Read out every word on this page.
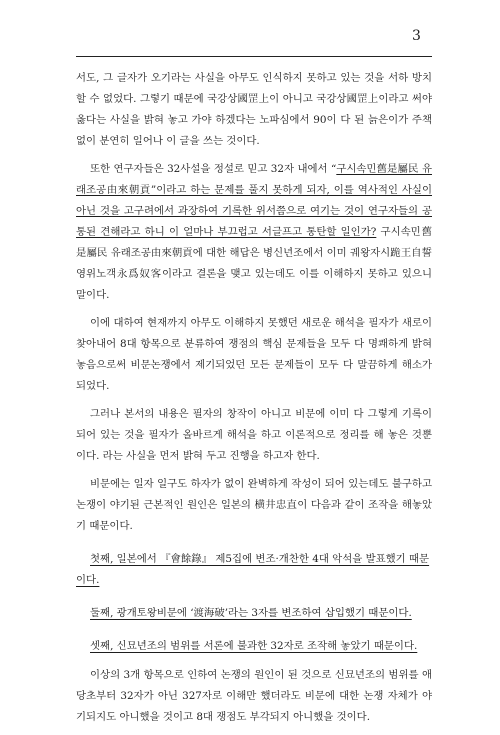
3

서도, 그 글자가 오기라는 사실을 아무도 인식하지 못하고 있는 것을 서하 방치할 수 없었다. 그렇기 때문에 국강상國罡上이 아니고 국강상國罡上이라고 써야 옳다는 사실을 밝혀 놓고 가야 하겠다는 노파심에서 90이 다 된 늙은이가 주책없이 분연히 일어나 이 글을 쓰는 것이다.

또한 연구자들은 32사설을 정설로 믿고 32자 내에서 “구시속민舊是屬民 유래조공由來朝貢”이라고 하는 문제를 풀지 못하게 되자, 이를 역사적인 사실이 아닌 것을 고구려에서 과장하여 기록한 위서쯤으로 여기는 것이 연구자들의 공통된 견해라고 하니 이 얼마나 부끄럽고 서글프고 통탄할 일인가? 구시속민舊是屬民 유래조공由來朝貢에 대한 해답은 병신년조에서 이미 궤왕자시跪王自誓 영위노객永爲奴客이라고 결론을 맺고 있는데도 이를 이해하지 못하고 있으니 말이다.

이에 대하여 현재까지 아무도 이해하지 못했던 새로운 해석을 필자가 새로이 찾아내어 8대 항목으로 분류하여 쟁점의 핵심 문제들을 모두 다 명쾌하게 밝혀 놓음으로써 비문논쟁에서 제기되었던 모든 문제들이 모두 다 말끔하게 해소가 되었다.

그러나 본서의 내용은 필자의 창작이 아니고 비문에 이미 다 그렇게 기록이 되어 있는 것을 필자가 올바르게 해석을 하고 이론적으로 정리를 해 놓은 것뿐이다. 라는 사실을 먼저 밝혀 두고 진행을 하고자 한다.

비문에는 일자 일구도 하자가 없이 완벽하게 작성이 되어 있는데도 불구하고 논쟁이 야기된 근본적인 원인은 일본의 横井忠直이 다음과 같이 조작을 해놓았기 때문이다.

첫째, 일본에서 『會餘錄』 제5집에 변조·개찬한 4대 악석을 발표했기 때문이다.

둘째, 광개토왕비문에 ‘渡海破’라는 3자를 변조하여 삽입했기 때문이다.

셋째, 신묘년조의 범위를 서론에 불과한 32자로 조작해 놓았기 때문이다.

이상의 3개 항목으로 인하여 논쟁의 원인이 된 것으로 신묘년조의 범위를 애당초부터 32자가 아닌 327자로 이해만 했더라도 비문에 대한 논쟁 자체가 야기되지도 아니했을 것이고 8대 쟁점도 부각되지 아니했을 것이다.
